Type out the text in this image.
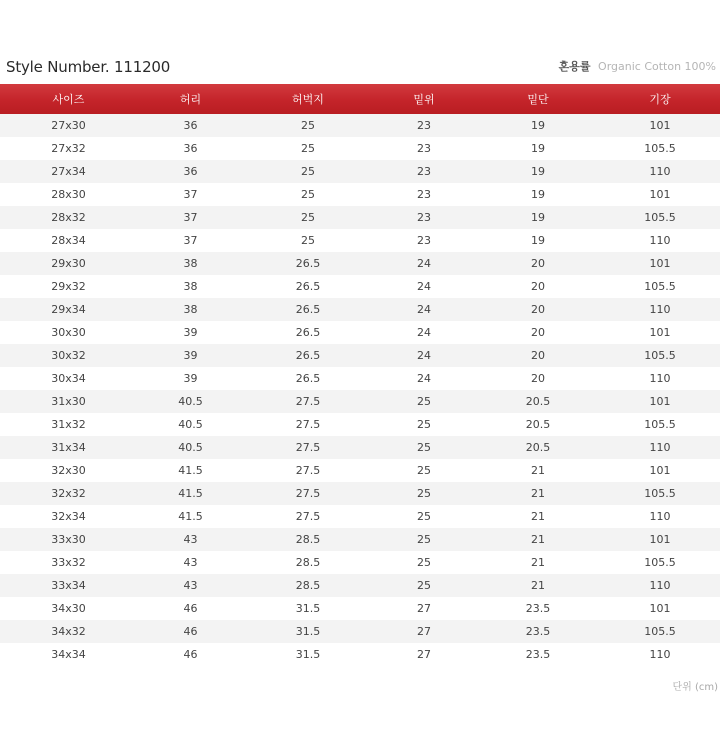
Style Number. 111200	혼용률 Organic Cotton 100%
사이즈	허리	허벅지	밑위	밑단	기장
27x30	36	25	23	19	101
27x32	36	25	23	19	105.5
27x34	36	25	23	19	110
28x30	37	25	23	19	101
28x32	37	25	23	19	105.5
28x34	37	25	23	19	110
29x30	38	26.5	24	20	101
29x32	38	26.5	24	20	105.5
29x34	38	26.5	24	20	110
30x30	39	26.5	24	20	101
30x32	39	26.5	24	20	105.5
30x34	39	26.5	24	20	110
31x30	40.5	27.5	25	20.5	101
31x32	40.5	27.5	25	20.5	105.5
31x34	40.5	27.5	25	20.5	110
32x30	41.5	27.5	25	21	101
32x32	41.5	27.5	25	21	105.5
32x34	41.5	27.5	25	21	110
33x30	43	28.5	25	21	101
33x32	43	28.5	25	21	105.5
33x34	43	28.5	25	21	110
34x30	46	31.5	27	23.5	101
34x32	46	31.5	27	23.5	105.5
34x34	46	31.5	27	23.5	110
단위 (cm)
